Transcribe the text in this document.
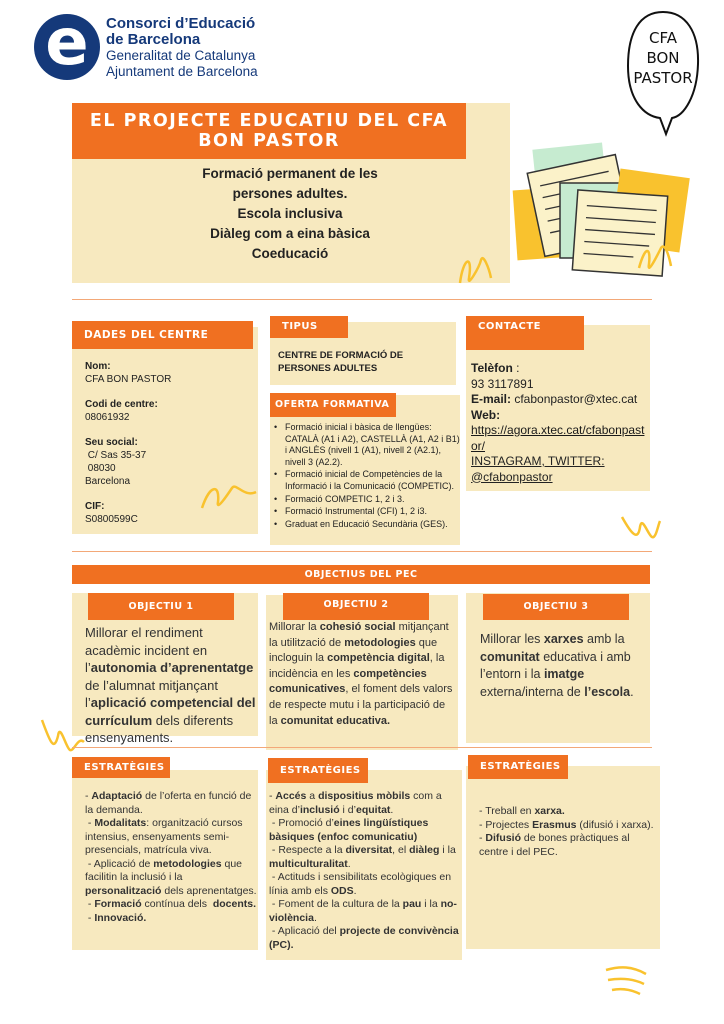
e	Consorci d’Educació
de Barcelona
Generalitat de Catalunya
Ajuntament de Barcelona
CFA
BON
PASTOR
EL PROJECTE EDUCATIU DEL CFA
BON PASTOR
Formació permanent de les
persones adultes.
Escola inclusiva
Diàleg com a eina bàsica
Coeducació
DADES DEL CENTRE
Nom:
CFA BON PASTOR
Codi de centre:
08061932
Seu social:
C/ Sas 35-37
08030
Barcelona
CIF:
S0800599C
TIPUS
CENTRE DE FORMACIÓ DE
PERSONES ADULTES
OFERTA FORMATIVA
• Formació inicial i bàsica de llengües: CATALÀ (A1 i A2), CASTELLÀ (A1, A2 i B1) i ANGLÈS (nivell 1 (A1), nivell 2 (A2.1), nivell 3 (A2.2).
• Formació inicial de Competències de la Informació i la Comunicació (COMPETIC).
• Formació COMPETIC 1, 2 i 3.
• Formació Instrumental (CFI) 1, 2 i3.
• Graduat en Educació Secundària (GES).
CONTACTE
Telèfon :
93 3117891
E-mail: cfabonpastor@xtec.cat
Web:
https://agora.xtec.cat/cfabonpast
or/
INSTAGRAM, TWITTER:
@cfabonpastor
OBJECTIUS DEL PEC
OBJECTIU 1
Millorar el rendiment acadèmic incident en l’autonomia d’aprenentatge de l’alumnat mitjançant l’aplicació competencial del currículum dels diferents ensenyaments.
OBJECTIU 2
Millorar la cohesió social mitjançant la utilització de metodologies que incloguin la competència digital, la incidència en les competències comunicatives, el foment dels valors de respecte mutu i la participació de la comunitat educativa.
OBJECTIU 3
Millorar les xarxes amb la comunitat educativa i amb l’entorn i la imatge externa/interna de l’escola.
ESTRATÈGIES
- Adaptació de l’oferta en funció de la demanda.
- Modalitats: organització cursos intensius, ensenyaments semi-presencials, matrícula viva.
- Aplicació de metodologies que facilitin la inclusió i la personalització dels aprenentatges.
- Formació contínua dels  docents.
- Innovació.
ESTRATÈGIES
- Accés a dispositius mòbils com a eina d’inclusió i d’equitat.
- Promoció d’eines lingüístiques bàsiques (enfoc comunicatiu)
- Respecte a la diversitat, el diàleg i la multiculturalitat.
- Actituds i sensibilitats ecològiques en línia amb els ODS.
- Foment de la cultura de la pau i la no-violència.
- Aplicació del projecte de convivència (PC).
ESTRATÈGIES
- Treball en xarxa.
- Projectes Erasmus (difusió i xarxa).
- Difusió de bones pràctiques al centre i del PEC.
